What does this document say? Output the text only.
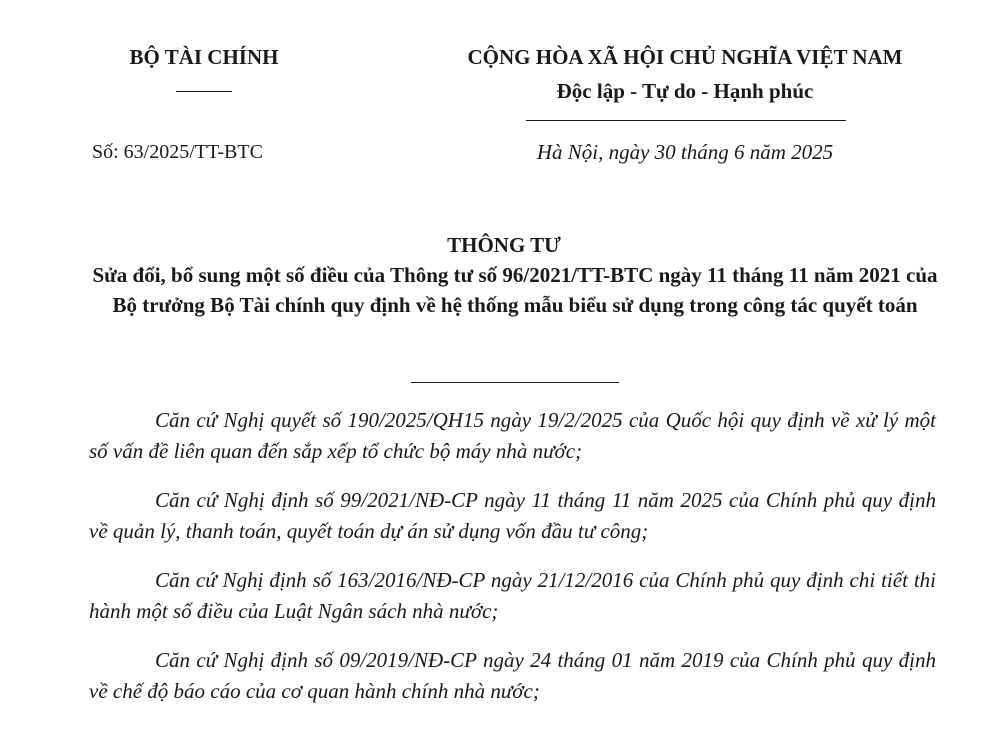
BỘ TÀI CHÍNH	CỘNG HÒA XÃ HỘI CHỦ NGHĨA VIỆT NAM
Độc lập - Tự do - Hạnh phúc
Số: 63/2025/TT-BTC	Hà Nội, ngày 30 tháng 6 năm 2025
THÔNG TƯ

Sửa đổi, bổ sung một số điều của Thông tư số 96/2021/TT-BTC ngày 11 tháng 11 năm 2021 của Bộ trưởng Bộ Tài chính quy định về hệ thống mẫu biểu sử dụng trong công tác quyết toán

Căn cứ Nghị quyết số 190/2025/QH15 ngày 19/2/2025 của Quốc hội quy định về xử lý một số vấn đề liên quan đến sắp xếp tổ chức bộ máy nhà nước;

Căn cứ Nghị định số 99/2021/NĐ-CP ngày 11 tháng 11 năm 2025 của Chính phủ quy định về quản lý, thanh toán, quyết toán dự án sử dụng vốn đầu tư công;

Căn cứ Nghị định số 163/2016/NĐ-CP ngày 21/12/2016 của Chính phủ quy định chi tiết thi hành một số điều của Luật Ngân sách nhà nước;

Căn cứ Nghị định số 09/2019/NĐ-CP ngày 24 tháng 01 năm 2019 của Chính phủ quy định về chế độ báo cáo của cơ quan hành chính nhà nước;
